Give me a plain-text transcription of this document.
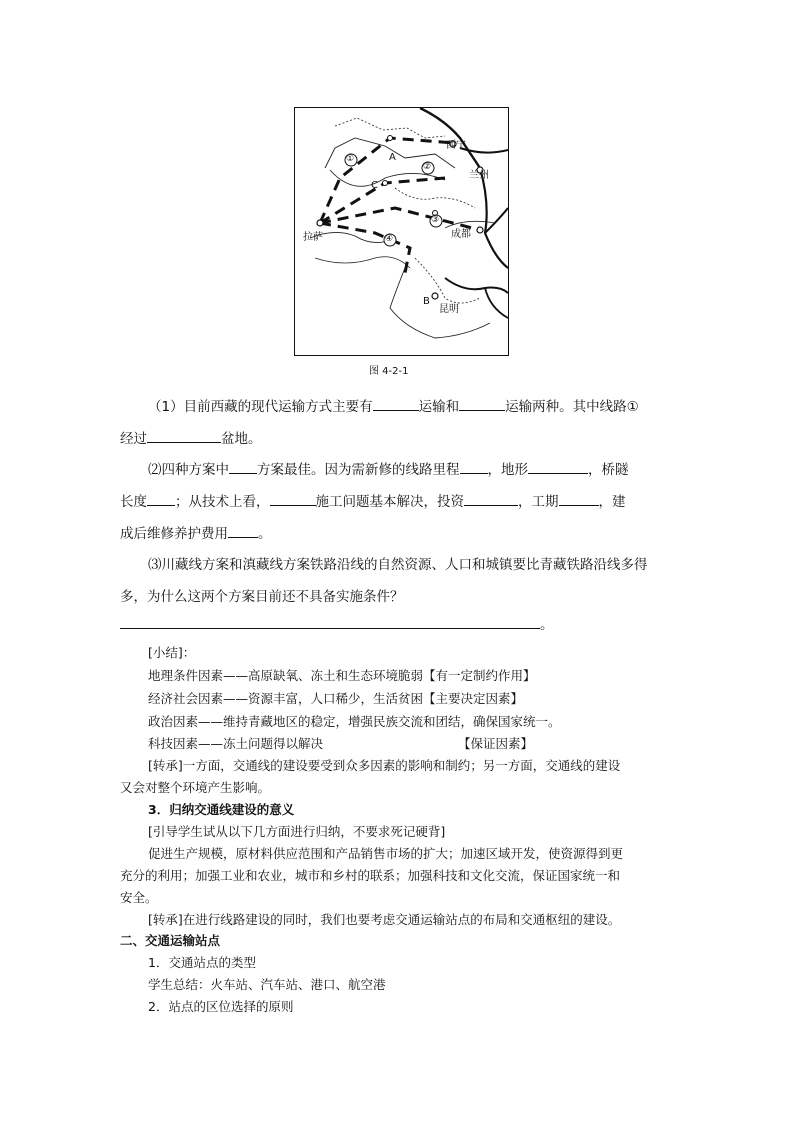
A
B
C
西宁
兰州
拉萨	成都
昆明
①
②
③
④
图 4-2-1
（1）目前西藏的现代运输方式主要有	运输和	运输两种。其中线路①
经过	盆地。
⑵四种方案中 方案最佳。因为需新修的线路里程 ，地形	，桥隧
长度 ；从技术上看，	施工问题基本解决，投资	，工期	，建
成后维修养护费用 。
⑶川藏线方案和滇藏线方案铁路沿线的自然资源、人口和城镇要比青藏铁路沿线多得
多，为什么这两个方案目前还不具备实施条件？
。
[小结]：
地理条件因素——高原缺氧、冻土和生态环境脆弱【有一定制约作用】
经济社会因素——资源丰富，人口稀少，生活贫困【主要决定因素】
政治因素——维持青藏地区的稳定，增强民族交流和团结，确保国家统一。
科技因素——冻土问题得以解决	【保证因素】
[转承]一方面，交通线的建设要受到众多因素的影响和制约；另一方面，交通线的建设
又会对整个环境产生影响。
3．归纳交通线建设的意义
[引导学生试从以下几方面进行归纳，不要求死记硬背]
促进生产规模，原材料供应范围和产品销售市场的扩大；加速区域开发，使资源得到更
充分的利用；加强工业和农业，城市和乡村的联系；加强科技和文化交流，保证国家统一和
安全。
[转承]在进行线路建设的同时，我们也要考虑交通运输站点的布局和交通枢纽的建设。
二、交通运输站点
1．交通站点的类型
学生总结：火车站、汽车站、港口、航空港
2．站点的区位选择的原则
